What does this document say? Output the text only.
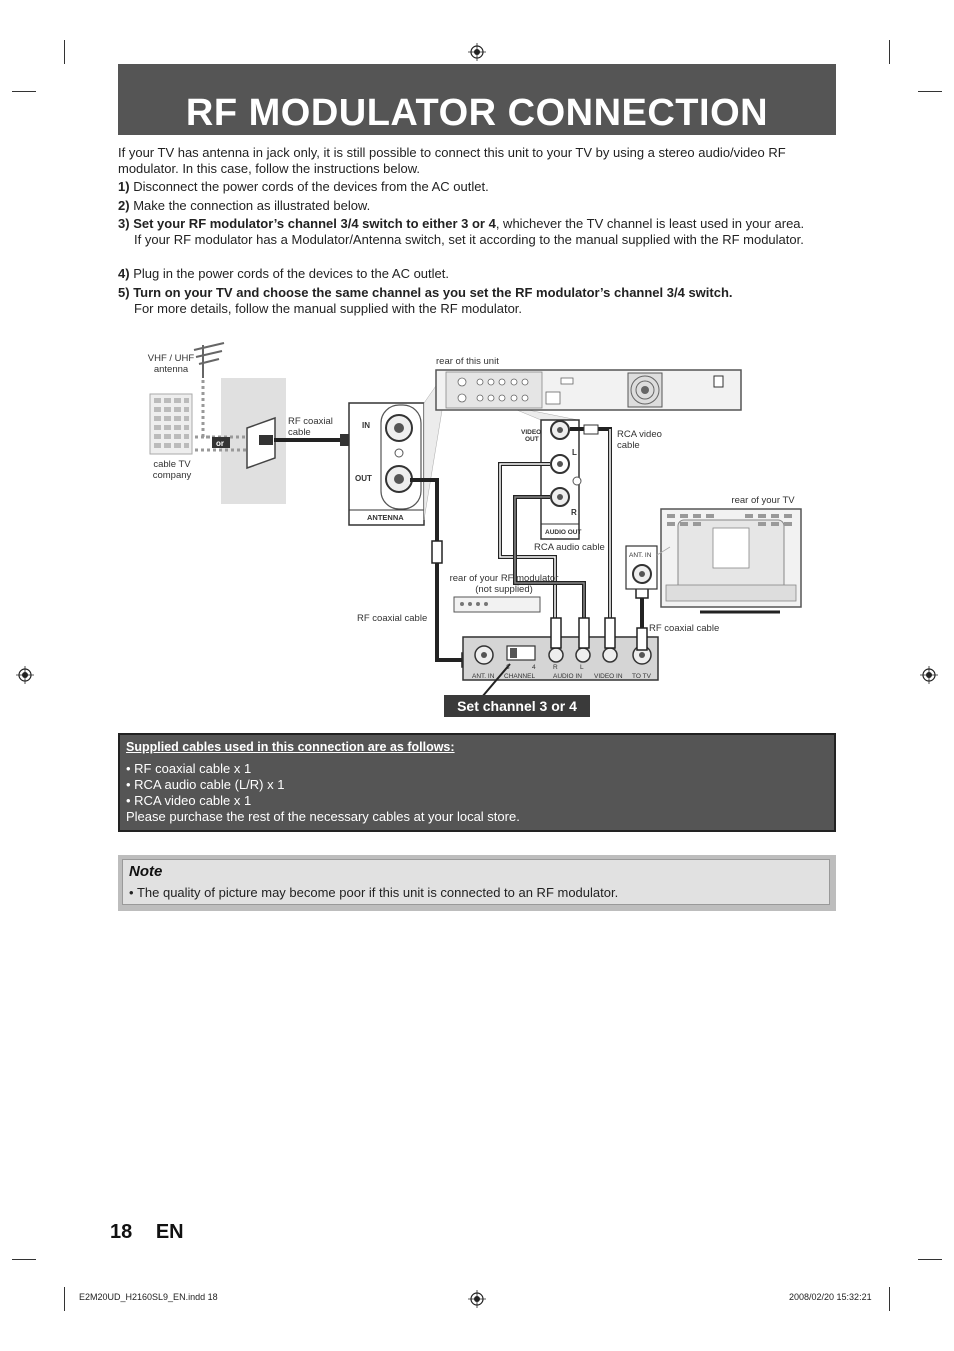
RF MODULATOR CONNECTION
If your TV has antenna in jack only, it is still possible to connect this unit to your TV by using a stereo audio/video RF modulator. In this case, follow the instructions below.
1) Disconnect the power cords of the devices from the AC outlet.
2) Make the connection as illustrated below.
3) Set your RF modulator’s channel 3/4 switch to either 3 or 4, whichever the TV channel is least used in your area.
If your RF modulator has a Modulator/Antenna switch, set it according to the manual supplied with the RF modulator.
4) Plug in the power cords of the devices to the AC outlet.
5) Turn on your TV and choose the same channel as you set the RF modulator’s channel 3/4 switch.
For more details, follow the manual supplied with the RF modulator.
IN
OUT
ANTENNA
VIDEO
OUT
L
R
AUDIO OUT
ANT. IN
3	4	R	L
ANT. IN CHANNEL	AUDIO IN VIDEO IN TO TV
or
VHF / UHF
antenna
cable TV
company
RF coaxial
cable
rear of this unit
RCA video
cable
RCA audio cable
rear of your TV
rear of your RF modulator
(not supplied)
RF coaxial cable
RF coaxial cable
Set channel 3 or 4
Supplied cables used in this connection are as follows:
• RF coaxial cable x 1
• RCA audio cable (L/R) x 1
• RCA video cable x 1
Please purchase the rest of the necessary cables at your local store.
Note
• The quality of picture may become poor if this unit is connected to an RF modulator.
18 EN
E2M20UD_H2160SL9_EN.indd 18	2008/02/20 15:32:21
